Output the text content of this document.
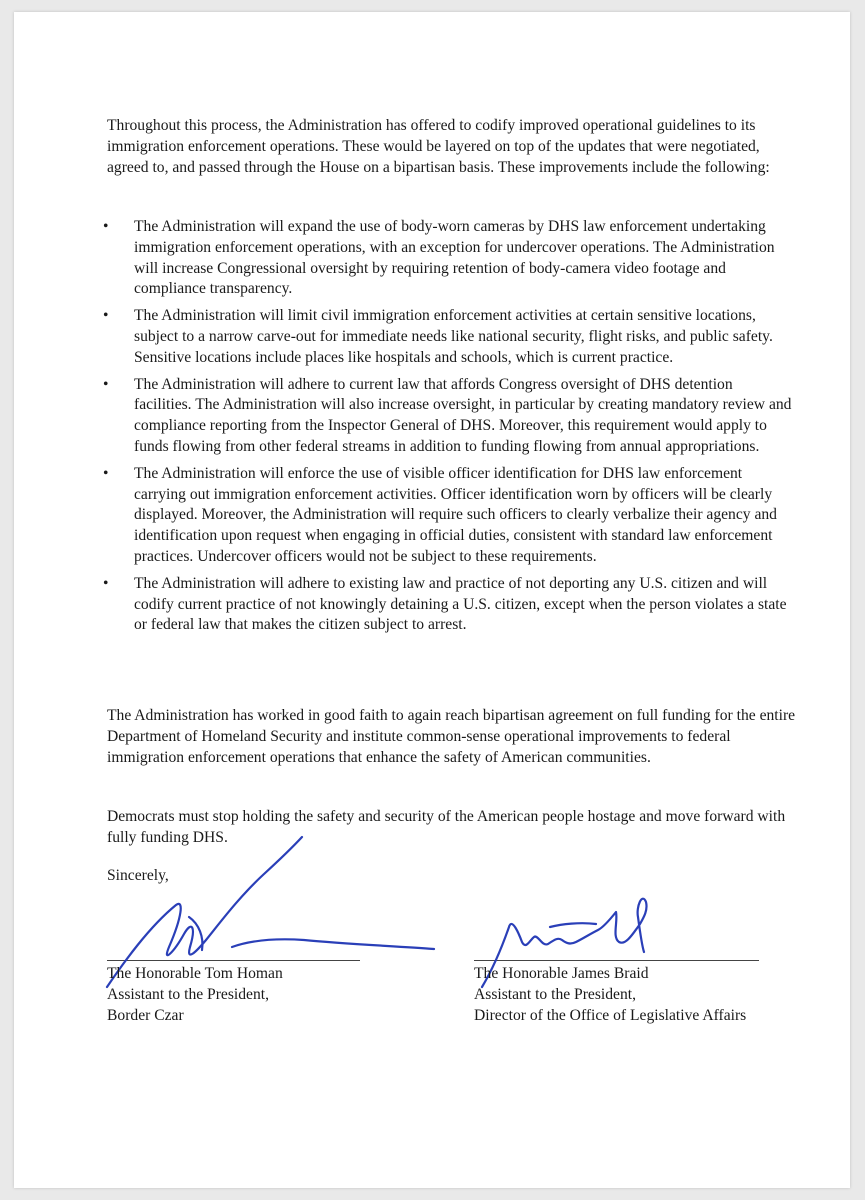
Throughout this process, the Administration has offered to codify improved operational guidelines to its immigration enforcement operations. These would be layered on top of the updates that were negotiated, agreed to, and passed through the House on a bipartisan basis. These improvements include the following:
• The Administration will expand the use of body-worn cameras by DHS law enforcement undertaking immigration enforcement operations, with an exception for undercover operations. The Administration will increase Congressional oversight by requiring retention of body-camera video footage and compliance transparency.
• The Administration will limit civil immigration enforcement activities at certain sensitive locations, subject to a narrow carve-out for immediate needs like national security, flight risks, and public safety. Sensitive locations include places like hospitals and schools, which is current practice.
• The Administration will adhere to current law that affords Congress oversight of DHS detention facilities. The Administration will also increase oversight, in particular by creating mandatory review and compliance reporting from the Inspector General of DHS. Moreover, this requirement would apply to funds flowing from other federal streams in addition to funding flowing from annual appropriations.
• The Administration will enforce the use of visible officer identification for DHS law enforcement carrying out immigration enforcement activities. Officer identification worn by officers will be clearly displayed. Moreover, the Administration will require such officers to clearly verbalize their agency and identification upon request when engaging in official duties, consistent with standard law enforcement practices. Undercover officers would not be subject to these requirements.
• The Administration will adhere to existing law and practice of not deporting any U.S. citizen and will codify current practice of not knowingly detaining a U.S. citizen, except when the person violates a state or federal law that makes the citizen subject to arrest.
The Administration has worked in good faith to again reach bipartisan agreement on full funding for the entire Department of Homeland Security and institute common-sense operational improvements to federal immigration enforcement operations that enhance the safety of American communities.
Democrats must stop holding the safety and security of the American people hostage and move forward with fully funding DHS.
Sincerely,
The Honorable Tom Homan
Assistant to the President,
Border Czar
The Honorable James Braid
Assistant to the President,
Director of the Office of Legislative Affairs
